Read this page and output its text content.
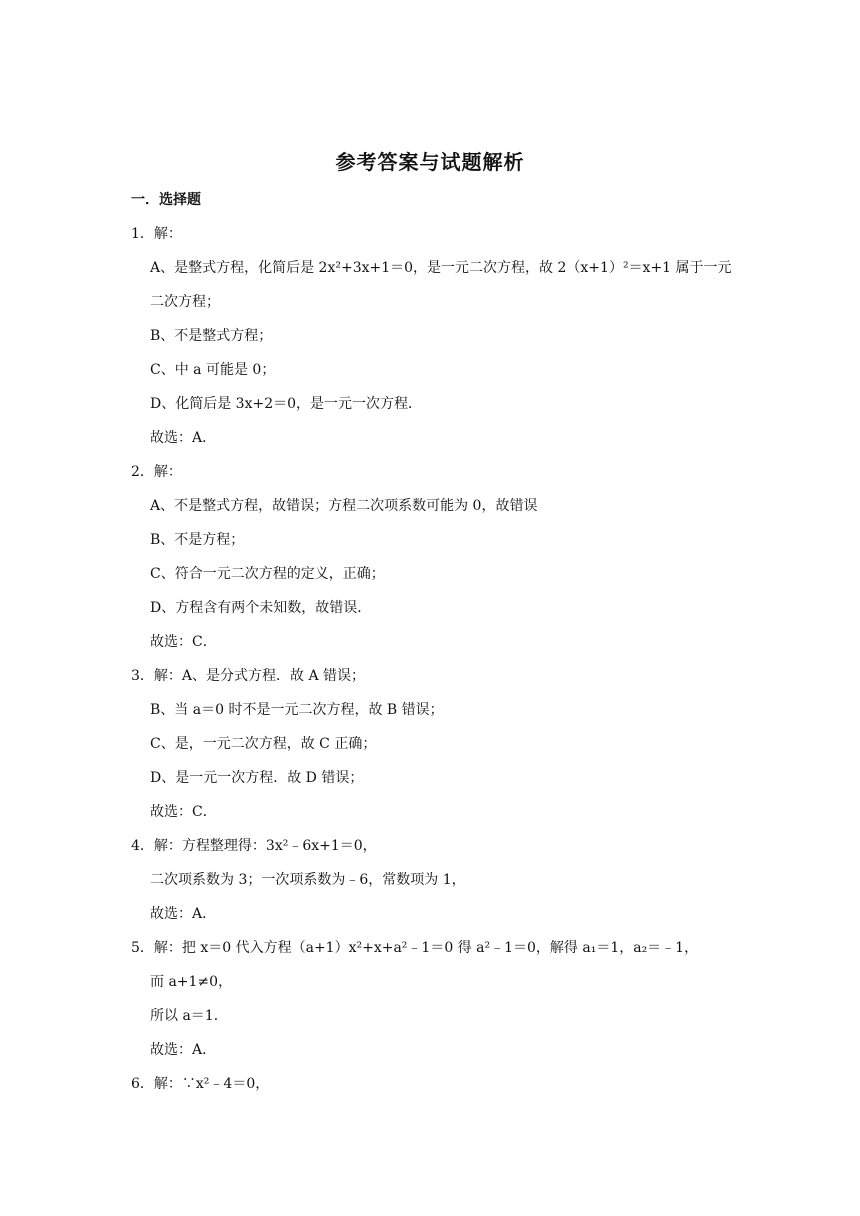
参考答案与试题解析
一．选择题
1．解：
A、是整式方程，化简后是 2x²+3x+1＝0，是一元二次方程，故 2（x+1）²＝x+1 属于一元
二次方程；
B、不是整式方程；
C、中 a 可能是 0；
D、化简后是 3x+2＝0，是一元一次方程．
故选：A．
2．解：
A、不是整式方程，故错误；方程二次项系数可能为 0，故错误
B、不是方程；
C、符合一元二次方程的定义，正确；
D、方程含有两个未知数，故错误．
故选：C．
3．解：A、是分式方程．故 A 错误；
B、当 a＝0 时不是一元二次方程，故 B 错误；
C、是，一元二次方程，故 C 正确；
D、是一元一次方程．故 D 错误；
故选：C．
4．解：方程整理得：3x²﹣6x+1＝0，
二次项系数为 3；一次项系数为﹣6，常数项为 1，
故选：A．
5．解：把 x＝0 代入方程（a+1）x²+x+a²﹣1＝0 得 a²﹣1＝0，解得 a₁＝1，a₂＝﹣1，
而 a+1≠0，
所以 a＝1．
故选：A．
6．解：∵x²﹣4＝0，
